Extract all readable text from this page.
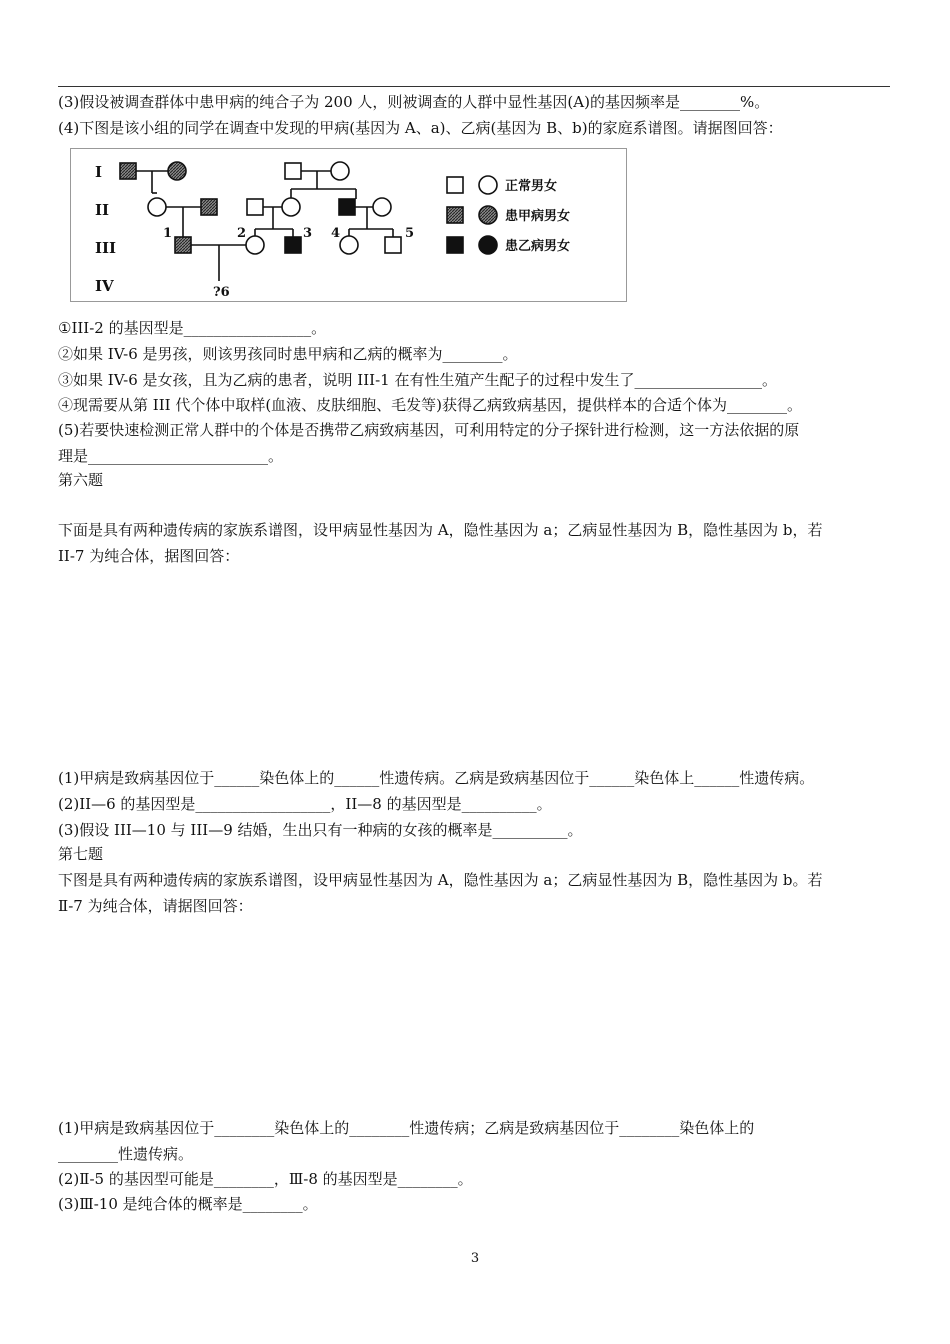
(3)假设被调查群体中患甲病的纯合子为 200 人，则被调查的人群中显性基因(A)的基因频率是________%。
(4)下图是该小组的同学在调查中发现的甲病(基因为 A、a)、乙病(基因为 B、b)的家庭系谱图。请据图回答：
I
II
III
IV
1
?6
2	3 4	5
正常男女
患甲病男女
患乙病男女
①III-2 的基因型是_________________。
②如果 IV-6 是男孩，则该男孩同时患甲病和乙病的概率为________。
③如果 IV-6 是女孩，且为乙病的患者，说明 III-1 在有性生殖产生配子的过程中发生了_________________。
④现需要从第 III 代个体中取样(血液、皮肤细胞、毛发等)获得乙病致病基因，提供样本的合适个体为________。
(5)若要快速检测正常人群中的个体是否携带乙病致病基因，可利用特定的分子探针进行检测，这一方法依据的原
理是________________________。
第六题
下面是具有两种遗传病的家族系谱图，设甲病显性基因为 A，隐性基因为 a；乙病显性基因为 B，隐性基因为 b，若
II-7 为纯合体，据图回答：
(1)甲病是致病基因位于______染色体上的______性遗传病。乙病是致病基因位于______染色体上______性遗传病。
(2)II—6 的基因型是__________________，II—8 的基因型是__________。
(3)假设 III—10 与 III—9 结婚，生出只有一种病的女孩的概率是__________。
第七题
下图是具有两种遗传病的家族系谱图，设甲病显性基因为 A，隐性基因为 a；乙病显性基因为 B，隐性基因为 b。若
Ⅱ-7 为纯合体，请据图回答：
(1)甲病是致病基因位于________染色体上的________性遗传病；乙病是致病基因位于________染色体上的
________性遗传病。
(2)Ⅱ-5 的基因型可能是________，Ⅲ-8 的基因型是________。
(3)Ⅲ-10 是纯合体的概率是________。
3
